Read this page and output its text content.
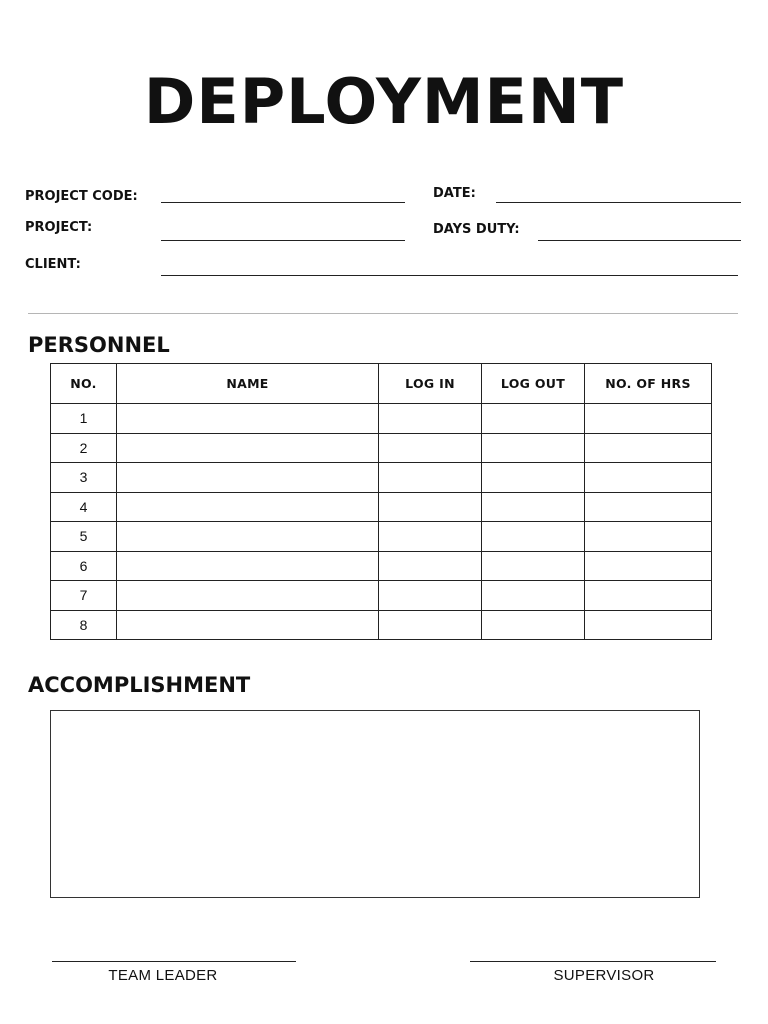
DEPLOYMENT
PROJECT CODE:
PROJECT:
CLIENT:
DATE:
DAYS DUTY:
PERSONNEL
NO.	NAME	LOG IN	LOG OUT	NO. OF HRS
1				
2				
3				
4				
5				
6				
7				
8				
ACCOMPLISHMENT
TEAM LEADER	SUPERVISOR
